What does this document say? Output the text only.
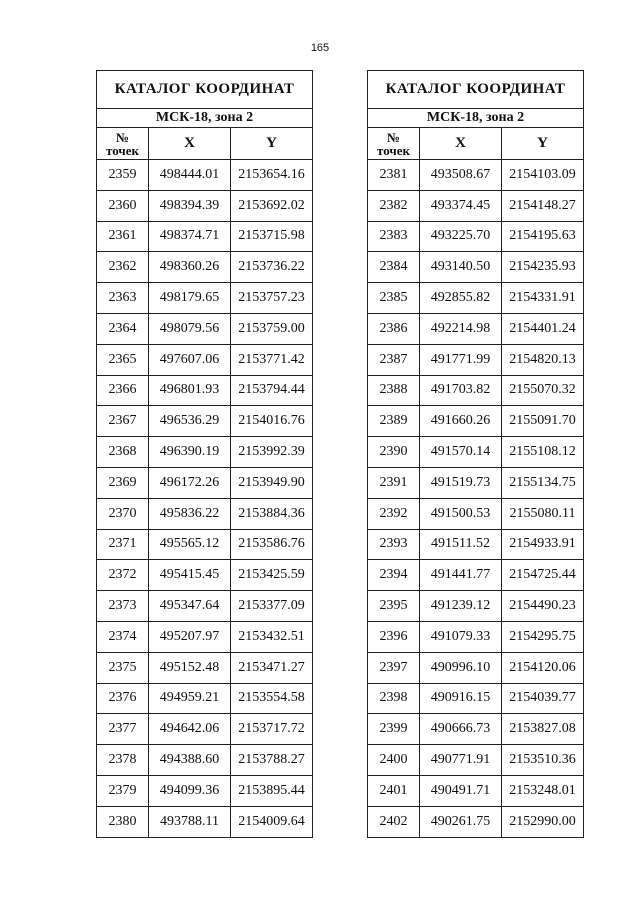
165
КАТАЛОГ КООРДИНАТ		
МСК-18, зона 2		

№
точек	X	Y
2359	498444.01	2153654.16
2360	498394.39	2153692.02
2361	498374.71	2153715.98
2362	498360.26	2153736.22
2363	498179.65	2153757.23
2364	498079.56	2153759.00
2365	497607.06	2153771.42
2366	496801.93	2153794.44
2367	496536.29	2154016.76
2368	496390.19	2153992.39
2369	496172.26	2153949.90
2370	495836.22	2153884.36
2371	495565.12	2153586.76
2372	495415.45	2153425.59
2373	495347.64	2153377.09
2374	495207.97	2153432.51
2375	495152.48	2153471.27
2376	494959.21	2153554.58
2377	494642.06	2153717.72
2378	494388.60	2153788.27
2379	494099.36	2153895.44
2380	493788.11	2154009.64
КАТАЛОГ КООРДИНАТ		
МСК-18, зона 2		

№
точек	X	Y
2381	493508.67	2154103.09
2382	493374.45	2154148.27
2383	493225.70	2154195.63
2384	493140.50	2154235.93
2385	492855.82	2154331.91
2386	492214.98	2154401.24
2387	491771.99	2154820.13
2388	491703.82	2155070.32
2389	491660.26	2155091.70
2390	491570.14	2155108.12
2391	491519.73	2155134.75
2392	491500.53	2155080.11
2393	491511.52	2154933.91
2394	491441.77	2154725.44
2395	491239.12	2154490.23
2396	491079.33	2154295.75
2397	490996.10	2154120.06
2398	490916.15	2154039.77
2399	490666.73	2153827.08
2400	490771.91	2153510.36
2401	490491.71	2153248.01
2402	490261.75	2152990.00
